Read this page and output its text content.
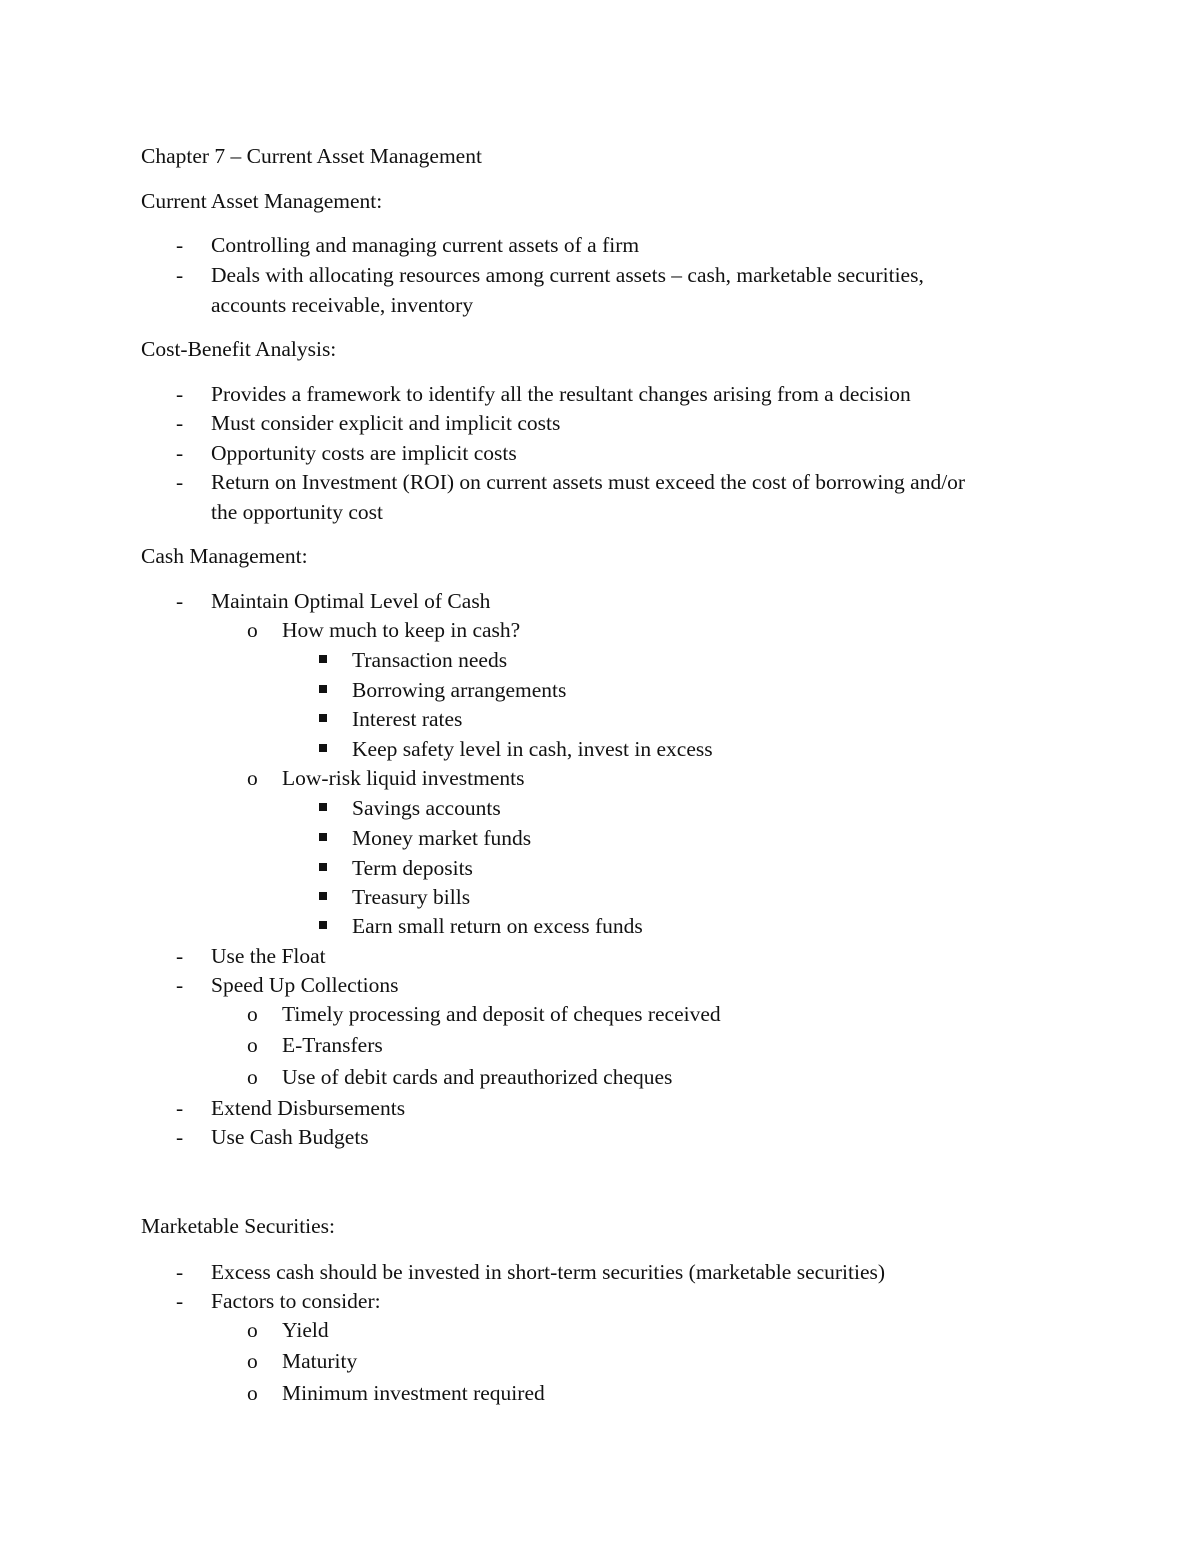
Chapter 7 – Current Asset Management
Current Asset Management:
- Controlling and managing current assets of a firm
- Deals with allocating resources among current assets – cash, marketable securities,
accounts receivable, inventory
Cost-Benefit Analysis:
- Provides a framework to identify all the resultant changes arising from a decision
- Must consider explicit and implicit costs
- Opportunity costs are implicit costs
- Return on Investment (ROI) on current assets must exceed the cost of borrowing and/or
the opportunity cost
Cash Management:
- Maintain Optimal Level of Cash
o How much to keep in cash?
Transaction needs
Borrowing arrangements
Interest rates
Keep safety level in cash, invest in excess
o Low-risk liquid investments
Savings accounts
Money market funds
Term deposits
Treasury bills
Earn small return on excess funds
- Use the Float
- Speed Up Collections
o Timely processing and deposit of cheques received
o E-Transfers
o Use of debit cards and preauthorized cheques
- Extend Disbursements
- Use Cash Budgets
Marketable Securities:
- Excess cash should be invested in short-term securities (marketable securities)
- Factors to consider:
o Yield
o Maturity
o Minimum investment required
